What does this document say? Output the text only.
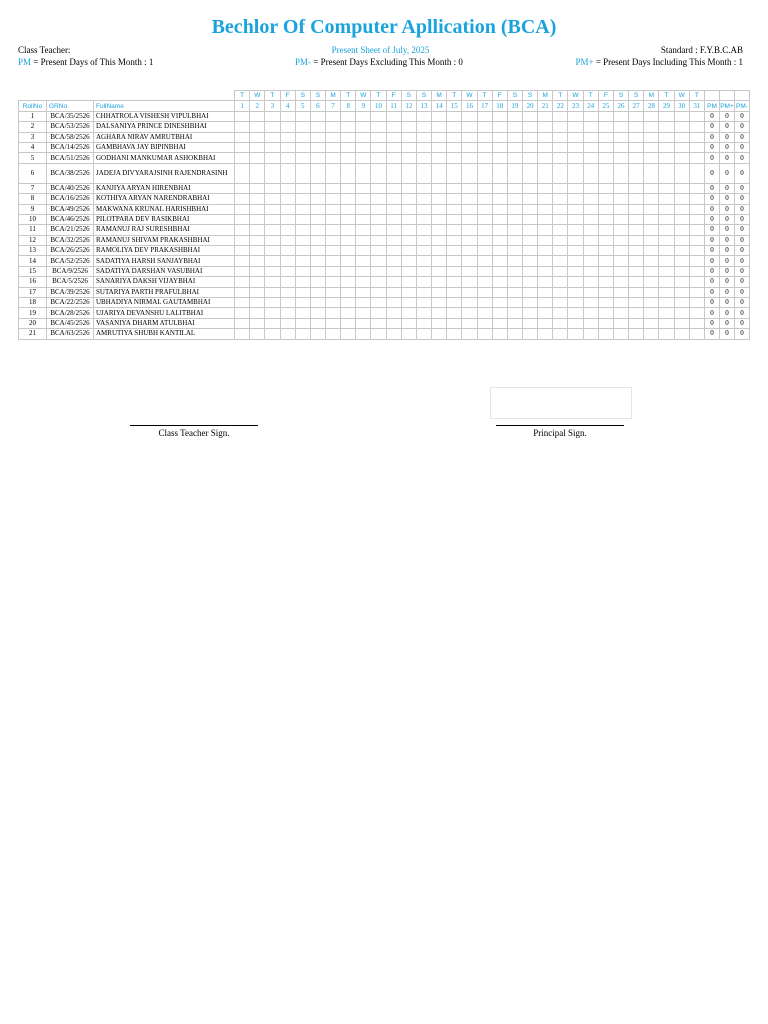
Bechlor Of Computer Apllication (BCA)
Class Teacher:	Present Sheet of July, 2025	Standard : F.Y.B.C.AB
PM = Present Days of This Month : 1	PM- = Present Days Excluding This Month : 0	PM+ = Present Days Including This Month : 1
			T	W	T	F	S	S	M	T	W	T	F	S	S	M	T	W	T	F	S	S	M	T	W	T	F	S	S	M	T	W	T			
RollNo	GRNo	FullName	1	2	3	4	5	6	7	8	9	10	11	12	13	14	15	16	17	18	19	20	21	22	23	24	25	26	27	28	29	30	31	PM	PM+	PM-
1	BCA/35/2526	CHHATROLA VISHESH VIPULBHAI																																0	0	0
2	BCA/53/2526	DALSANIYA PRINCE DINESHBHAI																																0	0	0
3	BCA/58/2526	AGHARA NIRAV AMRUTBHAI																																0	0	0
4	BCA/14/2526	GAMBHAVA JAY BIPINBHAI																																0	0	0
5	BCA/51/2526	GODHANI MANKUMAR ASHOKBHAI																																0	0	0
6	BCA/38/2526	JADEJA DIVYARAJSINH RAJENDRASINH																																0	0	0
7	BCA/40/2526	KANJIYA ARYAN HIRENBHAI																																0	0	0
8	BCA/16/2526	KOTHIYA ARYAN NARENDRABHAI																																0	0	0
9	BCA/49/2526	MAKWANA KRUNAL HARISHBHAI																																0	0	0
10	BCA/46/2526	PILOTPARA DEV RASIKBHAI																																0	0	0
11	BCA/21/2526	RAMANUJ RAJ SURESHBHAI																																0	0	0
12	BCA/32/2526	RAMANUJ SHIVAM PRAKASHBHAI																																0	0	0
13	BCA/26/2526	RAMOLIYA DEV PRAKASHBHAI																																0	0	0
14	BCA/52/2526	SADATIYA HARSH SANJAYBHAI																																0	0	0
15	BCA/9/2526	SADATIYA DARSHAN VASUBHAI																																0	0	0
16	BCA/5/2526	SANARIYA DAKSH VIJAYBHAI																																0	0	0
17	BCA/39/2526	SUTARIYA PARTH PRAFULBHAI																																0	0	0
18	BCA/22/2526	UBHADIYA NIRMAL GAUTAMBHAI																																0	0	0
19	BCA/28/2526	UJARIYA DEVANSHU LALITBHAI																																0	0	0
20	BCA/45/2526	VASANIYA DHARM ATULBHAI																																0	0	0
21	BCA/63/2526	AMRUTIYA SHUBH KANTILAL																																0	0	0
Class Teacher Sign.	Principal Sign.
